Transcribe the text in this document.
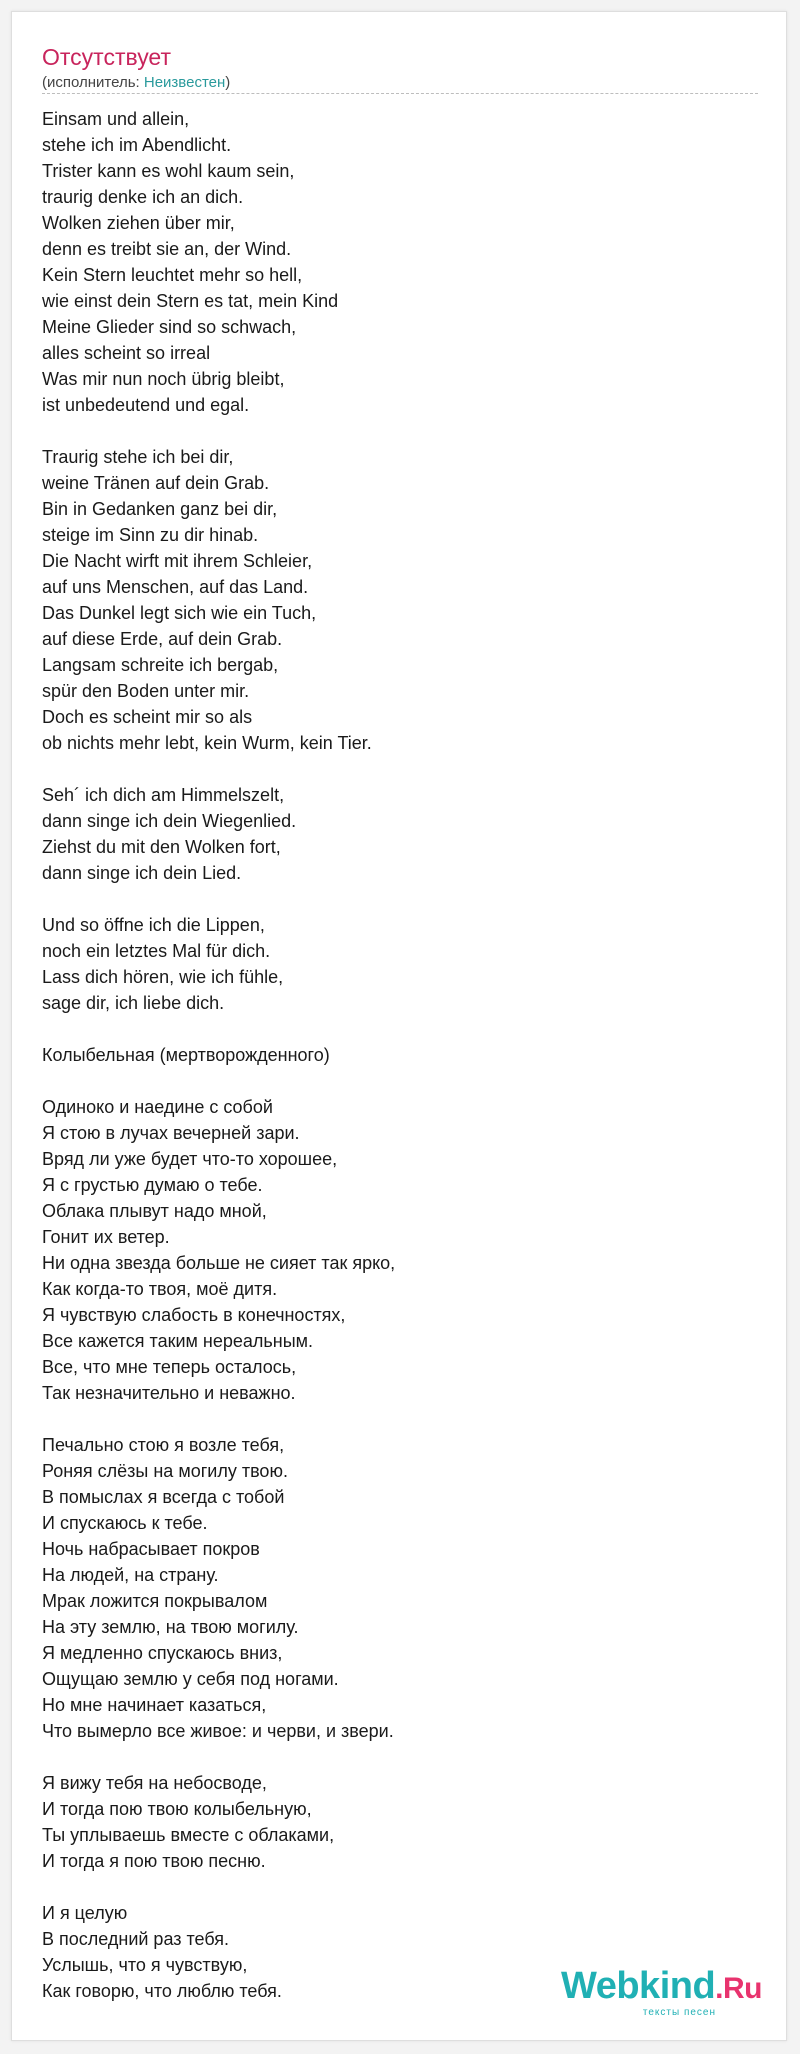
Отсутствует
(исполнитель: Неизвестен)
Einsam und allein,
stehe ich im Abendlicht.
Trister kann es wohl kaum sein,
traurig denke ich an dich.
Wolken ziehen über mir,
denn es treibt sie an, der Wind.
Kein Stern leuchtet mehr so hell,
wie einst dein Stern es tat, mein Kind
Meine Glieder sind so schwach,
alles scheint so irreal
Was mir nun noch übrig bleibt,
ist unbedeutend und egal.
Traurig stehe ich bei dir,
weine Tränen auf dein Grab.
Bin in Gedanken ganz bei dir,
steige im Sinn zu dir hinab.
Die Nacht wirft mit ihrem Schleier,
auf uns Menschen, auf das Land.
Das Dunkel legt sich wie ein Tuch,
auf diese Erde, auf dein Grab.
Langsam schreite ich bergab,
spür den Boden unter mir.
Doch es scheint mir so als
ob nichts mehr lebt, kein Wurm, kein Tier.
Seh´ ich dich am Himmelszelt,
dann singe ich dein Wiegenlied.
Ziehst du mit den Wolken fort,
dann singe ich dein Lied.
Und so öffne ich die Lippen,
noch ein letztes Mal für dich.
Lass dich hören, wie ich fühle,
sage dir, ich liebe dich.
Колыбельная (мертворожденного)
Одиноко и наедине с собой
Я стою в лучах вечерней зари.
Вряд ли уже будет что-то хорошее,
Я с грустью думаю о тебе.
Облака плывут надо мной,
Гонит их ветер.
Ни одна звезда больше не сияет так ярко,
Как когда-то твоя, моё дитя.
Я чувствую слабость в конечностях,
Все кажется таким нереальным.
Все, что мне теперь осталось,
Так незначительно и неважно.
Печально стою я возле тебя,
Роняя слёзы на могилу твою.
В помыслах я всегда с тобой
И спускаюсь к тебе.
Ночь набрасывает покров
На людей, на страну.
Мрак ложится покрывалом
На эту землю, на твою могилу.
Я медленно спускаюсь вниз,
Ощущаю землю у себя под ногами.
Но мне начинает казаться,
Что вымерло все живое: и черви, и звери.
Я вижу тебя на небосводе,
И тогда пою твою колыбельную,
Ты уплываешь вместе с облаками,
И тогда я пою твою песню.
И я целую
В последний раз тебя.
Услышь, что я чувствую,
Как говорю, что люблю тебя.	Webkind.Ru
тексты песен
